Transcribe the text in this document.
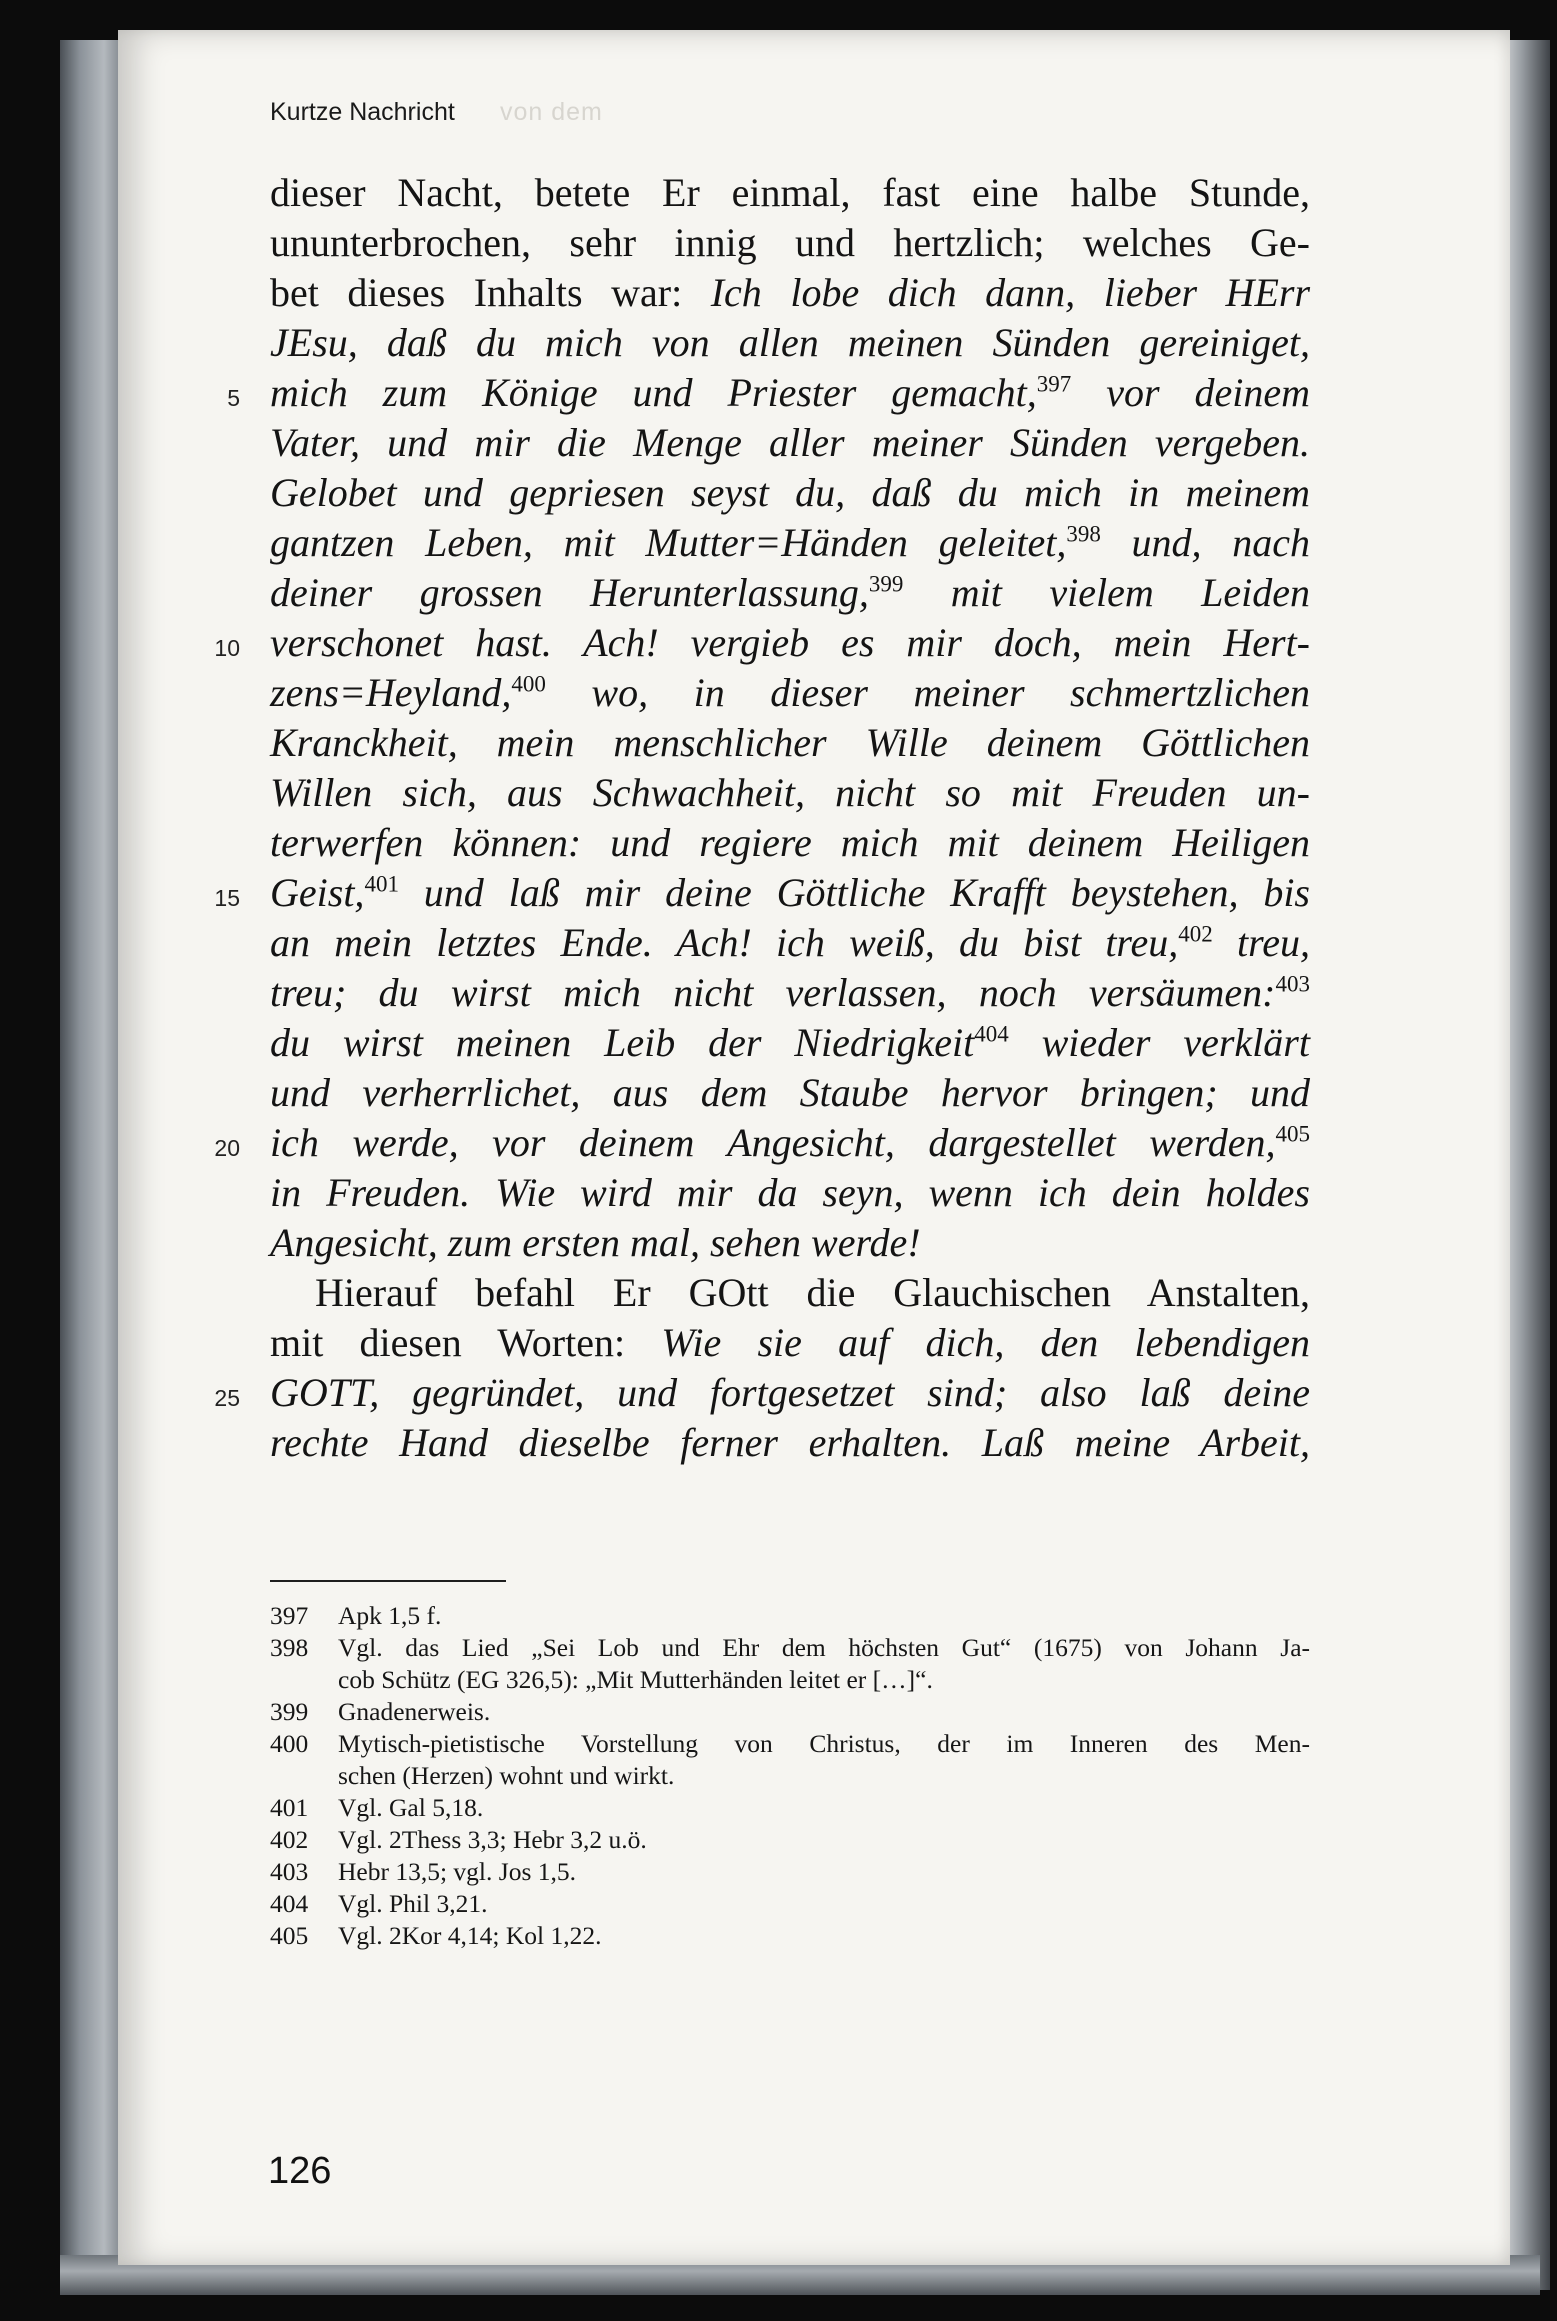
Kurtze Nachricht von dem
5
10
15
20
25
dieser Nacht, betete Er einmal, fast eine halbe Stunde,
ununterbrochen, sehr innig und hertzlich; welches Ge-
bet dieses Inhalts war: Ich lobe dich dann, lieber HErr
JEsu, daß du mich von allen meinen Sünden gereiniget,
mich zum Könige und Priester gemacht,$^{397}$ vor deinem
Vater, und mir die Menge aller meiner Sünden vergeben.
Gelobet und gepriesen seyst du, daß du mich in meinem
gantzen Leben, mit Mutter=Händen geleitet,$^{398}$ und, nach
deiner grossen Herunterlassung,$^{399}$ mit vielem Leiden
verschonet hast. Ach! vergieb es mir doch, mein Hert-
zens=Heyland,$^{400}$ wo, in dieser meiner schmertzlichen
Kranckheit, mein menschlicher Wille deinem Göttlichen
Willen sich, aus Schwachheit, nicht so mit Freuden un-
terwerfen können: und regiere mich mit deinem Heiligen
Geist,$^{401}$ und laß mir deine Göttliche Krafft beystehen, bis
an mein letztes Ende. Ach! ich weiß, du bist treu,$^{402}$ treu,
treu; du wirst mich nicht verlassen, noch versäumen:$^{403}$
du wirst meinen Leib der Niedrigkeit$^{404}$ wieder verklärt
und verherrlichet, aus dem Staube hervor bringen; und
ich werde, vor deinem Angesicht, dargestellet werden,$^{405}$
in Freuden. Wie wird mir da seyn, wenn ich dein holdes
Angesicht, zum ersten mal, sehen werde!
Hierauf befahl Er GOtt die Glauchischen Anstalten,
mit diesen Worten: Wie sie auf dich, den lebendigen
GOTT, gegründet, und fortgesetzet sind; also laß deine
rechte Hand dieselbe ferner erhalten. Laß meine Arbeit,
397	Apk 1,5 f.
398	Vgl. das Lied „Sei Lob und Ehr dem höchsten Gut“ (1675) von Johann Ja-
cob Schütz (EG 326,5): „Mit Mutterhänden leitet er […]“.
399	Gnadenerweis.
400	Mytisch-pietistische Vorstellung von Christus, der im Inneren des Men-
schen (Herzen) wohnt und wirkt.
401	Vgl. Gal 5,18.
402	Vgl. 2Thess 3,3; Hebr 3,2 u.ö.
403	Hebr 13,5; vgl. Jos 1,5.
404	Vgl. Phil 3,21.
405	Vgl. 2Kor 4,14; Kol 1,22.
126
